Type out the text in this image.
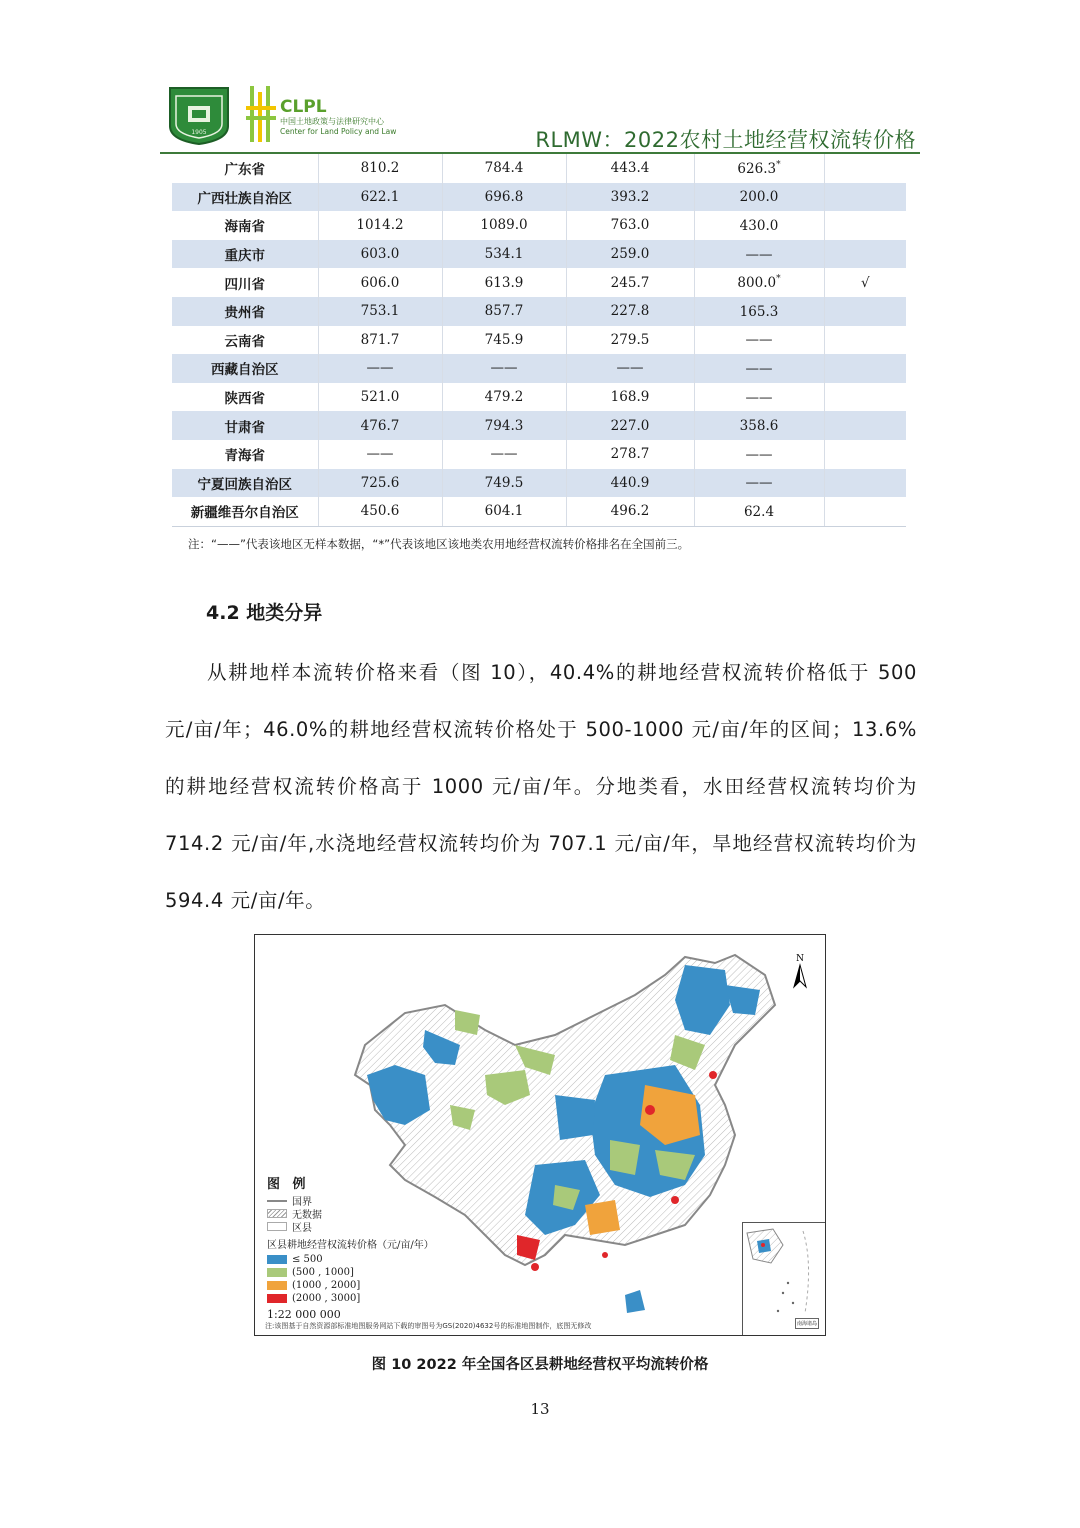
1905
CLPL
中国土地政策与法律研究中心
Center for Land Policy and Law	RLMW：2022农村土地经营权流转价格
广东省	810.2	784.4	443.4	626.3*	
广西壮族自治区	622.1	696.8	393.2	200.0	
海南省	1014.2	1089.0	763.0	430.0	
重庆市	603.0	534.1	259.0	——	
四川省	606.0	613.9	245.7	800.0*	√
贵州省	753.1	857.7	227.8	165.3	
云南省	871.7	745.9	279.5	——	
西藏自治区	——	——	——	——	
陕西省	521.0	479.2	168.9	——	
甘肃省	476.7	794.3	227.0	358.6	
青海省	——	——	278.7	——	
宁夏回族自治区	725.6	749.5	440.9	——	
新疆维吾尔自治区	450.6	604.1	496.2	62.4	
注：“——”代表该地区无样本数据，“*”代表该地区该地类农用地经营权流转价格排名在全国前三。
4.2 地类分异
从耕地样本流转价格来看（图 10），40.4%的耕地经营权流转价格低于 500 元/亩/年；46.0%的耕地经营权流转价格处于 500-1000 元/亩/年的区间；13.6%的耕地经营权流转价格高于 1000 元/亩/年。分地类看，水田经营权流转均价为 714.2 元/亩/年,水浇地经营权流转均价为 707.1 元/亩/年，旱地经营权流转均价为 594.4 元/亩/年。
N
图 例
国界
无数据
区县
区县耕地经营权流转价格（元/亩/年）
≤ 500
(500 , 1000]
(1000 , 2000]
(2000 , 3000]
1:22 000 000
南海诸岛
注:该图基于自然资源部标准地图服务网站下载的审图号为GS(2020)4632号的标准地图制作，底图无修改
图 10 2022 年全国各区县耕地经营权平均流转价格
13
